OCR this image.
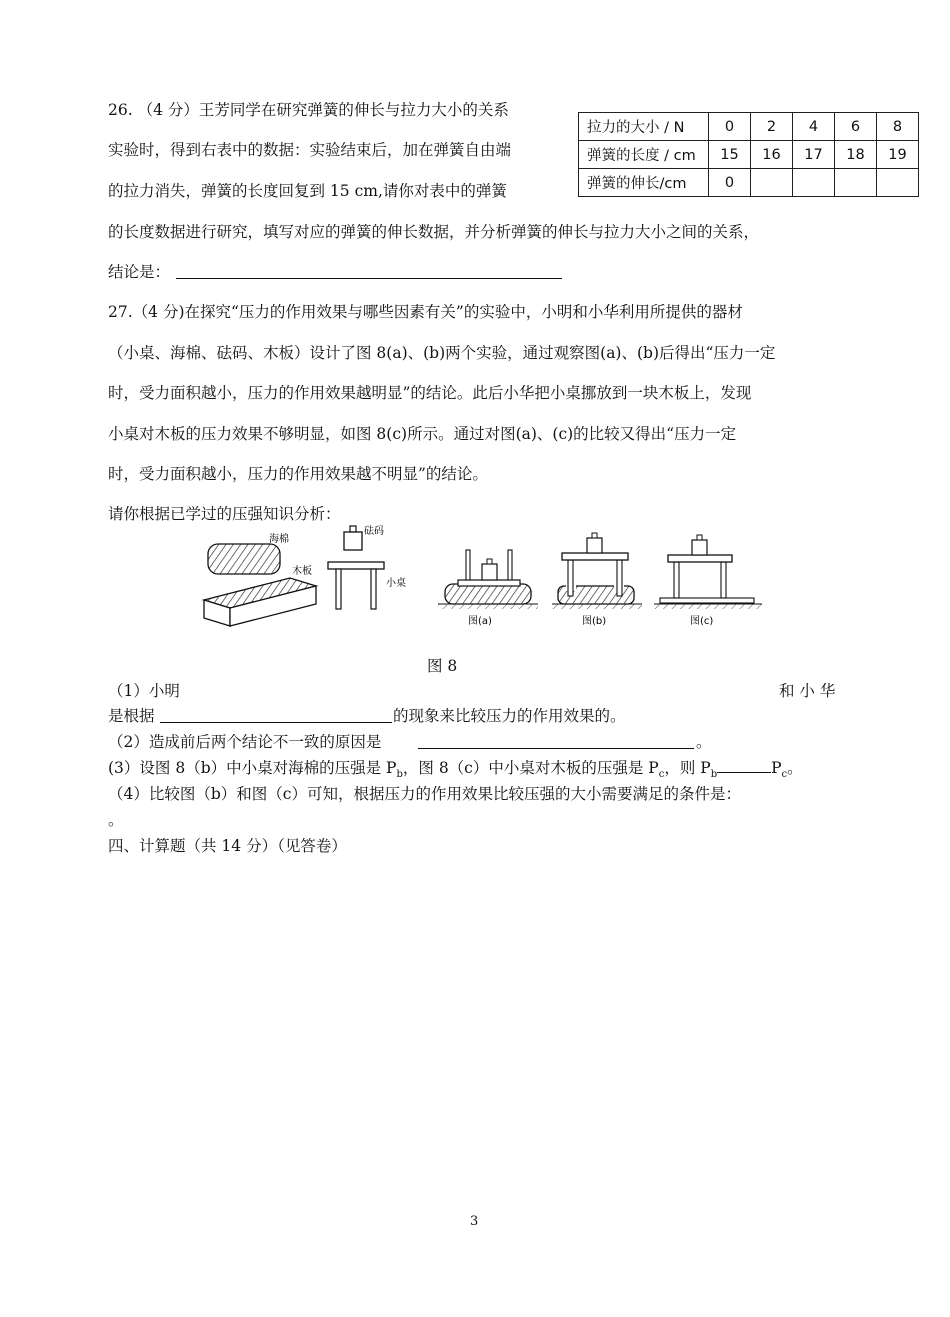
26. （4 分）王芳同学在研究弹簧的伸长与拉力大小的关系
实验时，得到右表中的数据：实验结束后，加在弹簧自由端
的拉力消失，弹簧的长度回复到 15 cm,请你对表中的弹簧
的长度数据进行研究，填写对应的弹簧的伸长数据，并分析弹簧的伸长与拉力大小之间的关系，
结论是：
拉力的大小 / N	0	2	4	6	8
弹簧的长度 / cm	15	16	17	18	19
弹簧的伸长/cm	0				
27.（4 分)在探究“压力的作用效果与哪些因素有关”的实验中，小明和小华利用所提供的器材
（小桌、海棉、砝码、木板）设计了图 8(a)、(b)两个实验，通过观察图(a)、(b)后得出“压力一定
时，受力面积越小，压力的作用效果越明显”的结论。此后小华把小桌挪放到一块木板上，发现
小桌对木板的压力效果不够明显，如图 8(c)所示。通过对图(a)、(c)的比较又得出“压力一定
时，受力面积越小，压力的作用效果越不明显”的结论。
请你根据已学过的压强知识分析：
海棉
木板
砝码
小桌
图(a)	图(b)	图(c)
图 8
（1）小明	和 小 华
是根据	的现象来比较压力的作用效果的。
（2）造成前后两个结论不一致的原因是	。
(3）设图 8（b）中小桌对海棉的压强是 $P_b$，图 8（c）中小桌对木板的压强是 $P_c$，则 $P_b$	$P_c$。
（4）比较图（b）和图（c）可知，根据压力的作用效果比较压强的大小需要满足的条件是：
。
四、计算题（共 14 分）（见答卷）
3
